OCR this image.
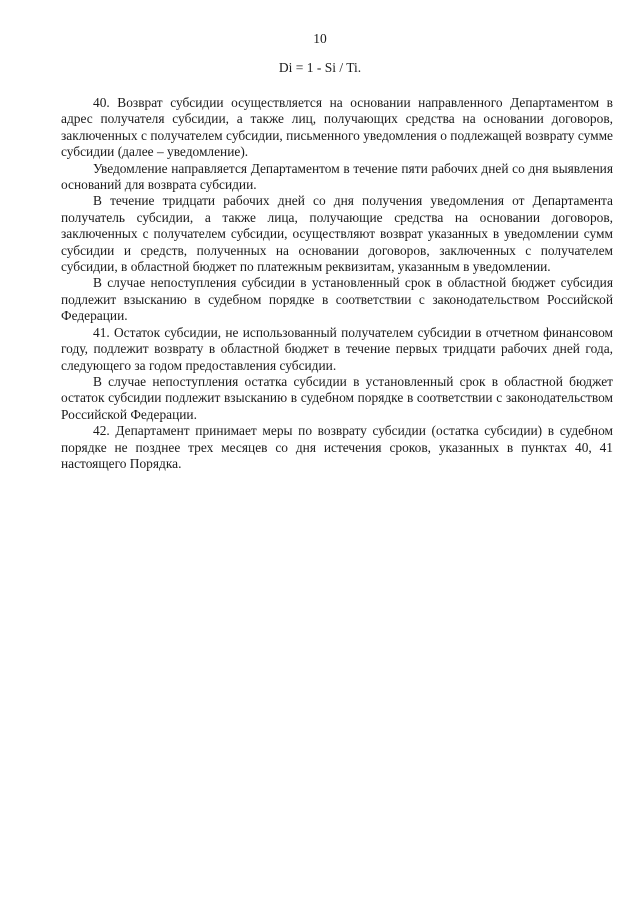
10
Di = 1 - Si / Ti.

40. Возврат субсидии осуществляется на основании направленного Департаментом в адрес получателя субсидии, а также лиц, получающих средства на основании договоров, заключенных с получателем субсидии, письменного уведомления о подлежащей возврату сумме субсидии (далее – уведомление).

Уведомление направляется Департаментом в течение пяти рабочих дней со дня выявления оснований для возврата субсидии.

В течение тридцати рабочих дней со дня получения уведомления от Департамента получатель субсидии, а также лица, получающие средства на основании договоров, заключенных с получателем субсидии, осуществляют возврат указанных в уведомлении сумм субсидии и средств, полученных на основании договоров, заключенных с получателем субсидии, в областной бюджет по платежным реквизитам, указанным в уведомлении.

В случае непоступления субсидии в установленный срок в областной бюджет субсидия подлежит взысканию в судебном порядке в соответствии с законодательством Российской Федерации.

41. Остаток субсидии, не использованный получателем субсидии в отчетном финансовом году, подлежит возврату в областной бюджет в течение первых тридцати рабочих дней года, следующего за годом предоставления субсидии.

В случае непоступления остатка субсидии в установленный срок в областной бюджет остаток субсидии подлежит взысканию в судебном порядке в соответствии с законодательством Российской Федерации.

42. Департамент принимает меры по возврату субсидии (остатка субсидии) в судебном порядке не позднее трех месяцев со дня истечения сроков, указанных в пунктах 40, 41 настоящего Порядка.
